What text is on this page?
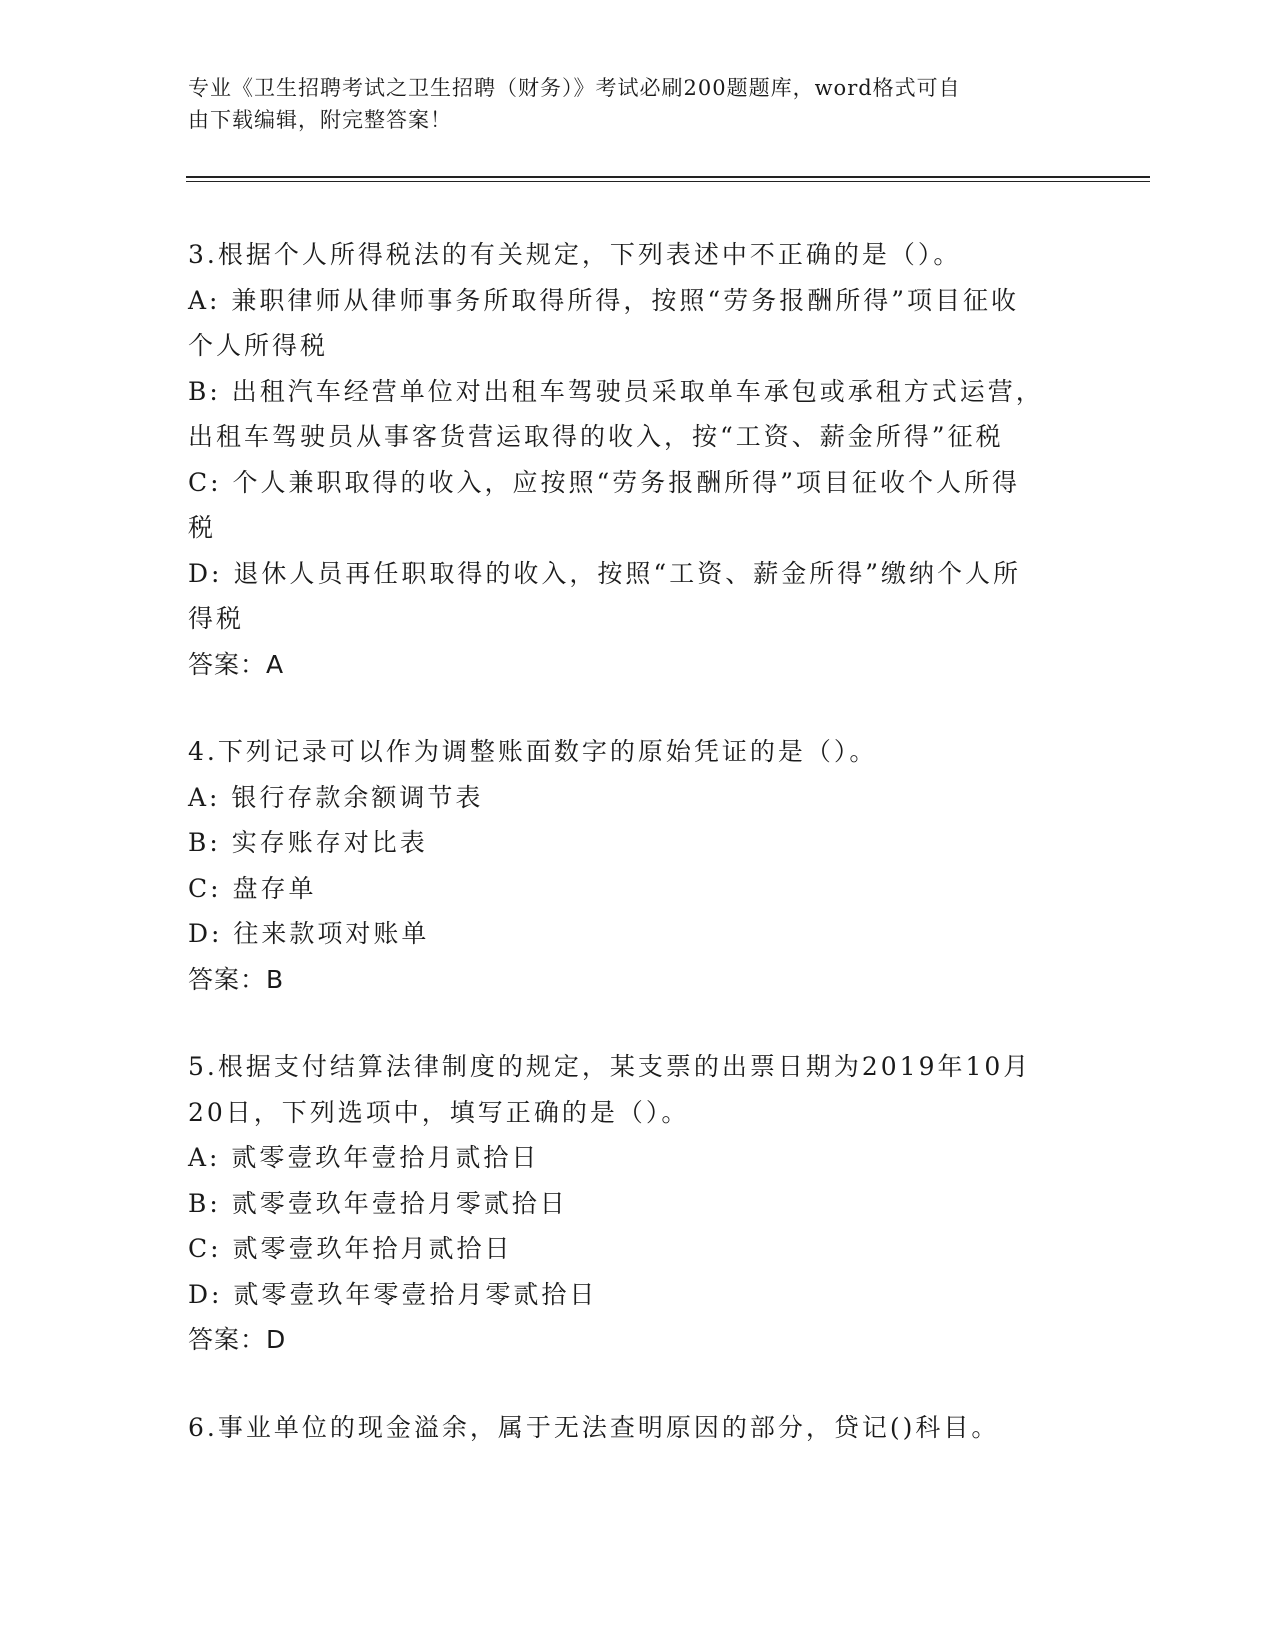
专业《卫生招聘考试之卫生招聘（财务）》考试必刷200题题库，word格式可自
由下载编辑，附完整答案！
3.根据个人所得税法的有关规定，下列表述中不正确的是（）。
A: 兼职律师从律师事务所取得所得，按照“劳务报酬所得”项目征收
个人所得税
B: 出租汽车经营单位对出租车驾驶员采取单车承包或承租方式运营，
出租车驾驶员从事客货营运取得的收入，按“工资、薪金所得”征税
C: 个人兼职取得的收入，应按照“劳务报酬所得”项目征收个人所得
税
D: 退休人员再任职取得的收入，按照“工资、薪金所得”缴纳个人所
得税
答案：A
4.下列记录可以作为调整账面数字的原始凭证的是（）。
A: 银行存款余额调节表
B: 实存账存对比表
C: 盘存单
D: 往来款项对账单
答案：B
5.根据支付结算法律制度的规定，某支票的出票日期为2019年10月
20日，下列选项中，填写正确的是（）。
A: 贰零壹玖年壹拾月贰拾日
B: 贰零壹玖年壹拾月零贰拾日
C: 贰零壹玖年拾月贰拾日
D: 贰零壹玖年零壹拾月零贰拾日
答案：D
6.事业单位的现金溢余，属于无法查明原因的部分，贷记()科目。
